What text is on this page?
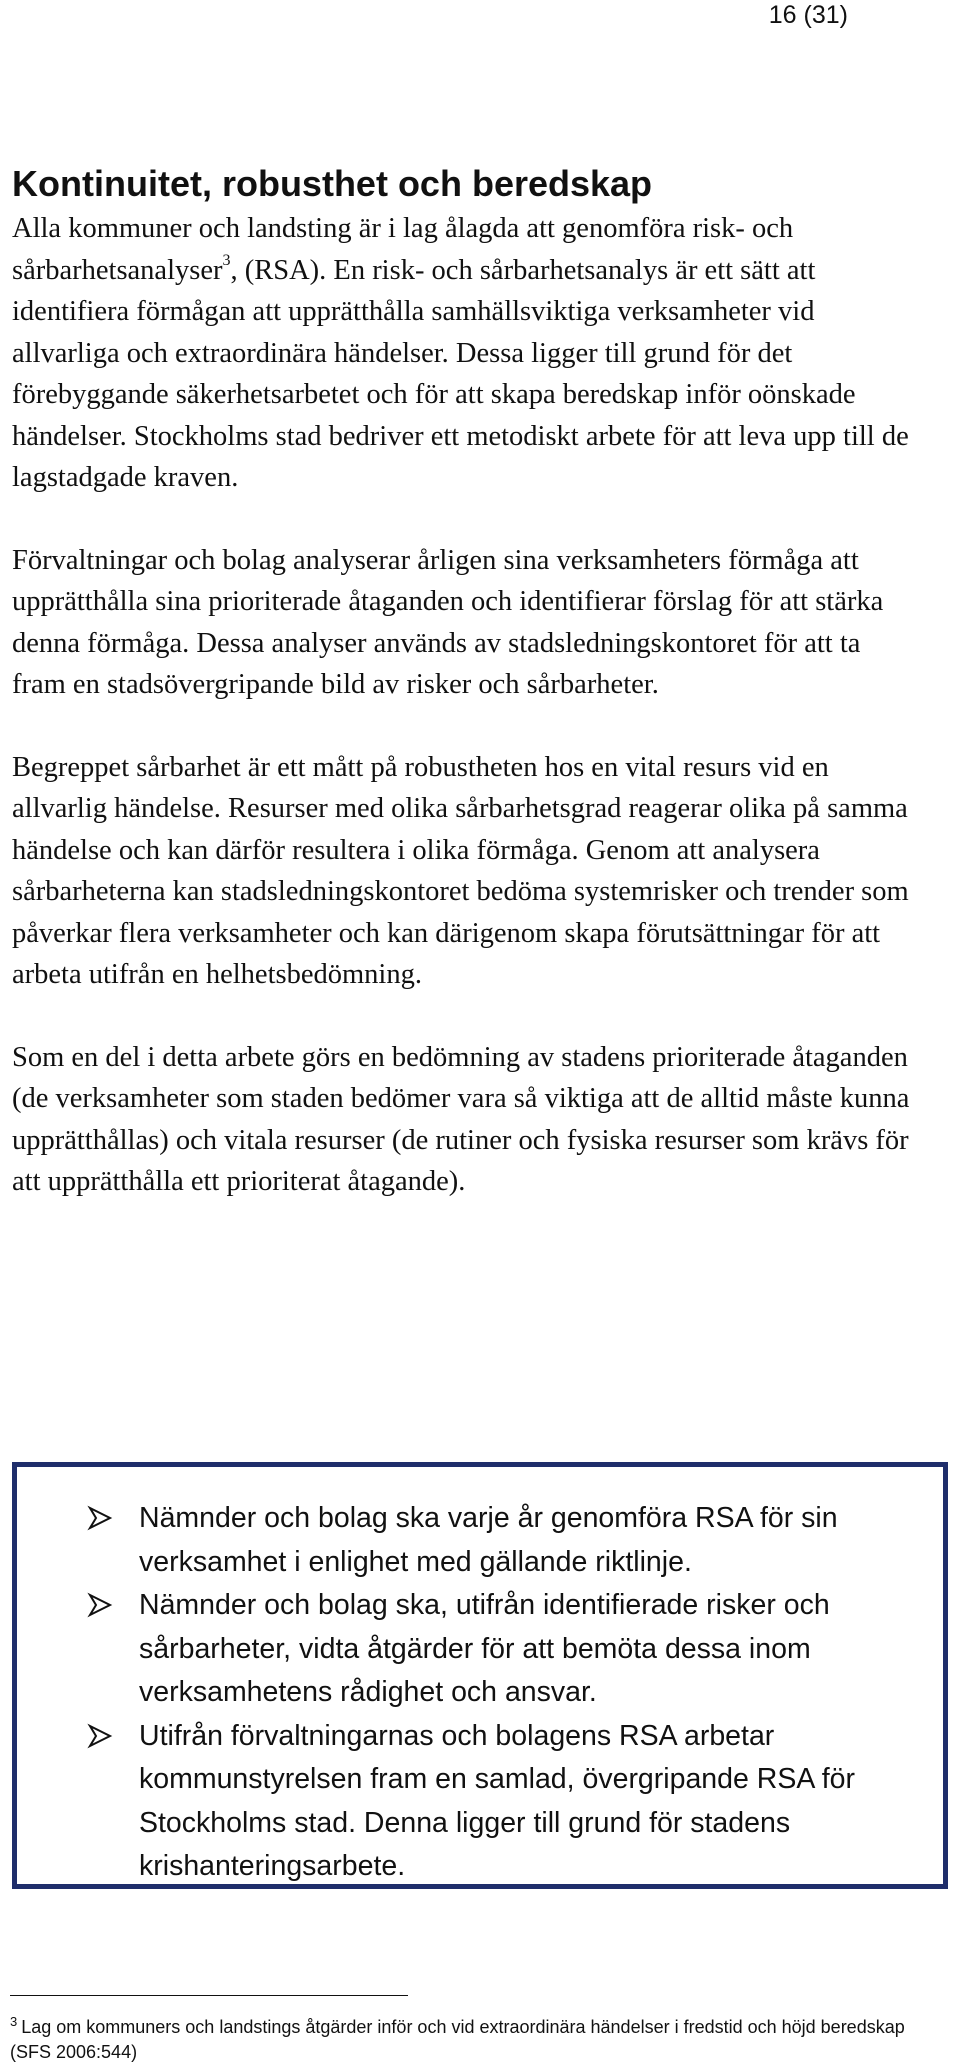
16 (31)
Kontinuitet, robusthet och beredskap

Alla kommuner och landsting är i lag ålagda att genomföra risk- och sårbarhetsanalyser$^3$, (RSA). En risk- och sårbarhetsanalys är ett sätt att identifiera förmågan att upprätthålla samhällsviktiga verksamheter vid allvarliga och extraordinära händelser. Dessa ligger till grund för det förebyggande säkerhetsarbetet och för att skapa beredskap inför oönskade händelser. Stockholms stad bedriver ett metodiskt arbete för att leva upp till de lagstadgade kraven.

Förvaltningar och bolag analyserar årligen sina verksamheters förmåga att upprätthålla sina prioriterade åtaganden och identifierar förslag för att stärka denna förmåga. Dessa analyser används av stadsledningskontoret för att ta fram en stadsövergripande bild av risker och sårbarheter.

Begreppet sårbarhet är ett mått på robustheten hos en vital resurs vid en allvarlig händelse. Resurser med olika sårbarhetsgrad reagerar olika på samma händelse och kan därför resultera i olika förmåga. Genom att analysera sårbarheterna kan stadsledningskontoret bedöma systemrisker och trender som påverkar flera verksamheter och kan därigenom skapa förutsättningar för att arbeta utifrån en helhetsbedömning.

Som en del i detta arbete görs en bedömning av stadens prioriterade åtaganden (de verksamheter som staden bedömer vara så viktiga att de alltid måste kunna upprätthållas) och vitala resurser (de rutiner och fysiska resurser som krävs för att upprätthålla ett prioriterat åtagande).

Nämnder och bolag ska varje år genomföra RSA för sin verksamhet i enlighet med gällande riktlinje.
Nämnder och bolag ska, utifrån identifierade risker och sårbarheter, vidta åtgärder för att bemöta dessa inom verksamhetens rådighet och ansvar.
Utifrån förvaltningarnas och bolagens RSA arbetar kommunstyrelsen fram en samlad, övergripande RSA för Stockholms stad. Denna ligger till grund för stadens krishanteringsarbete.
$^3$ Lag om kommuners och landstings åtgärder inför och vid extraordinära händelser i fredstid och höjd beredskap (SFS 2006:544)
